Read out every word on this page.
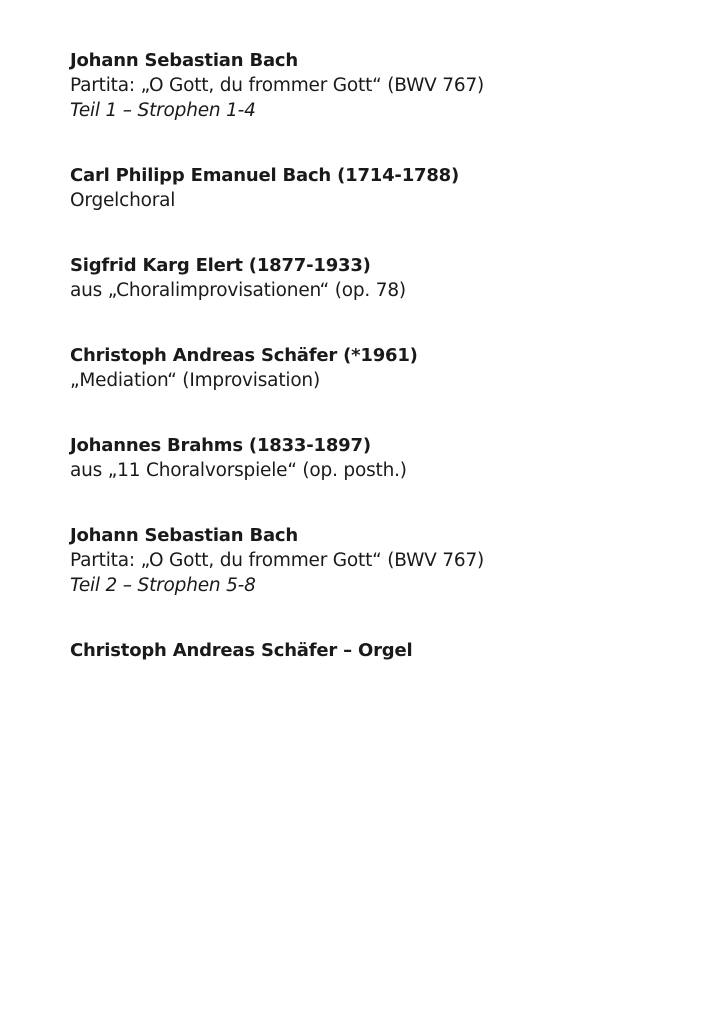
Johann Sebastian Bach
Partita: „O Gott, du frommer Gott“ (BWV 767)
Teil 1 – Strophen 1-4
Carl Philipp Emanuel Bach (1714-1788)
Orgelchoral
Sigfrid Karg Elert (1877-1933)
aus „Choralimprovisationen“ (op. 78)
Christoph Andreas Schäfer (*1961)
„Mediation“ (Improvisation)
Johannes Brahms (1833-1897)
aus „11 Choralvorspiele“ (op. posth.)
Johann Sebastian Bach
Partita: „O Gott, du frommer Gott“ (BWV 767)
Teil 2 – Strophen 5-8
Christoph Andreas Schäfer – Orgel
